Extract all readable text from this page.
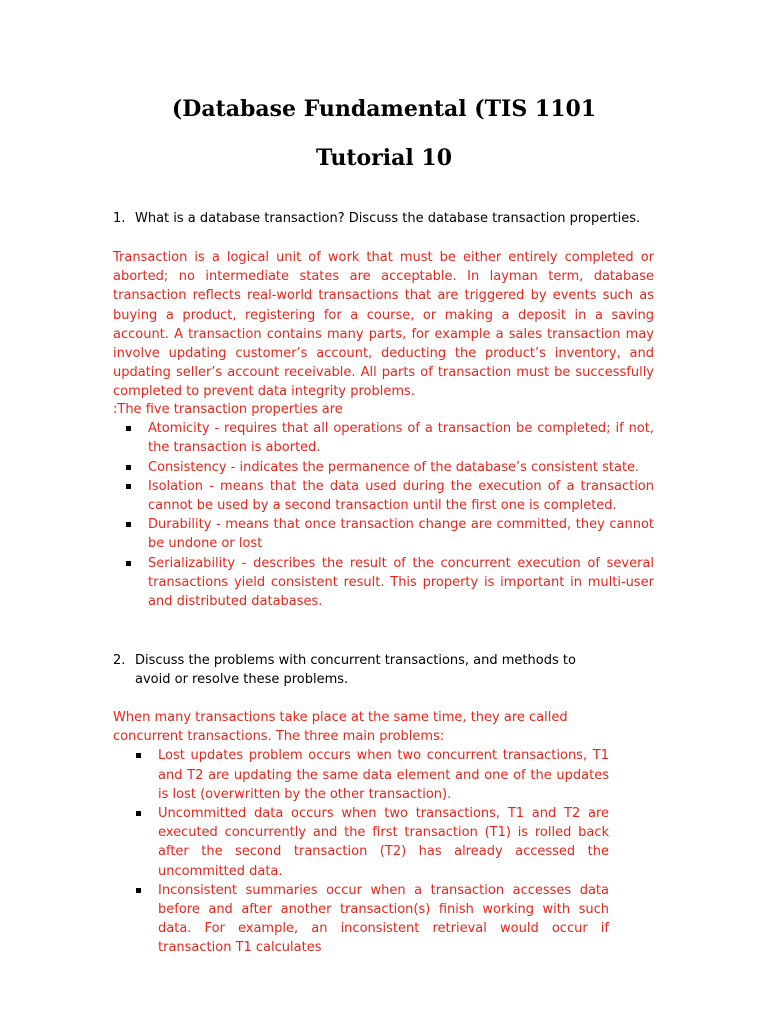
(Database Fundamental (TIS 1101
Tutorial 10
1. What is a database transaction? Discuss the database transaction properties.

Transaction is a logical unit of work that must be either entirely completed or aborted; no intermediate states are acceptable. In layman term, database transaction reflects real-world transactions that are triggered by events such as buying a product, registering for a course, or making a deposit in a saving account. A transaction contains many parts, for example a sales transaction may involve updating customer’s account, deducting the product’s inventory, and updating seller’s account receivable. All parts of transaction must be successfully completed to prevent data integrity problems.

:The five transaction properties are

Atomicity - requires that all operations of a transaction be completed; if not, the transaction is aborted.
Consistency - indicates the permanence of the database’s consistent state.
Isolation - means that the data used during the execution of a transaction cannot be used by a second transaction until the first one is completed.
Durability - means that once transaction change are committed, they cannot be undone or lost
Serializability - describes the result of the concurrent execution of several transactions yield consistent result. This property is important in multi-user and distributed databases.
2. Discuss the problems with concurrent transactions, and methods to avoid or resolve these problems.

When many transactions take place at the same time, they are called concurrent transactions. The three main problems:

Lost updates problem occurs when two concurrent transactions, T1 and T2 are updating the same data element and one of the updates is lost (overwritten by the other transaction).
Uncommitted data occurs when two transactions, T1 and T2 are executed concurrently and the first transaction (T1) is rolled back after the second transaction (T2) has already accessed the uncommitted data.
Inconsistent summaries occur when a transaction accesses data before and after another transaction(s) finish working with such data. For example, an inconsistent retrieval would occur if transaction T1 calculates
